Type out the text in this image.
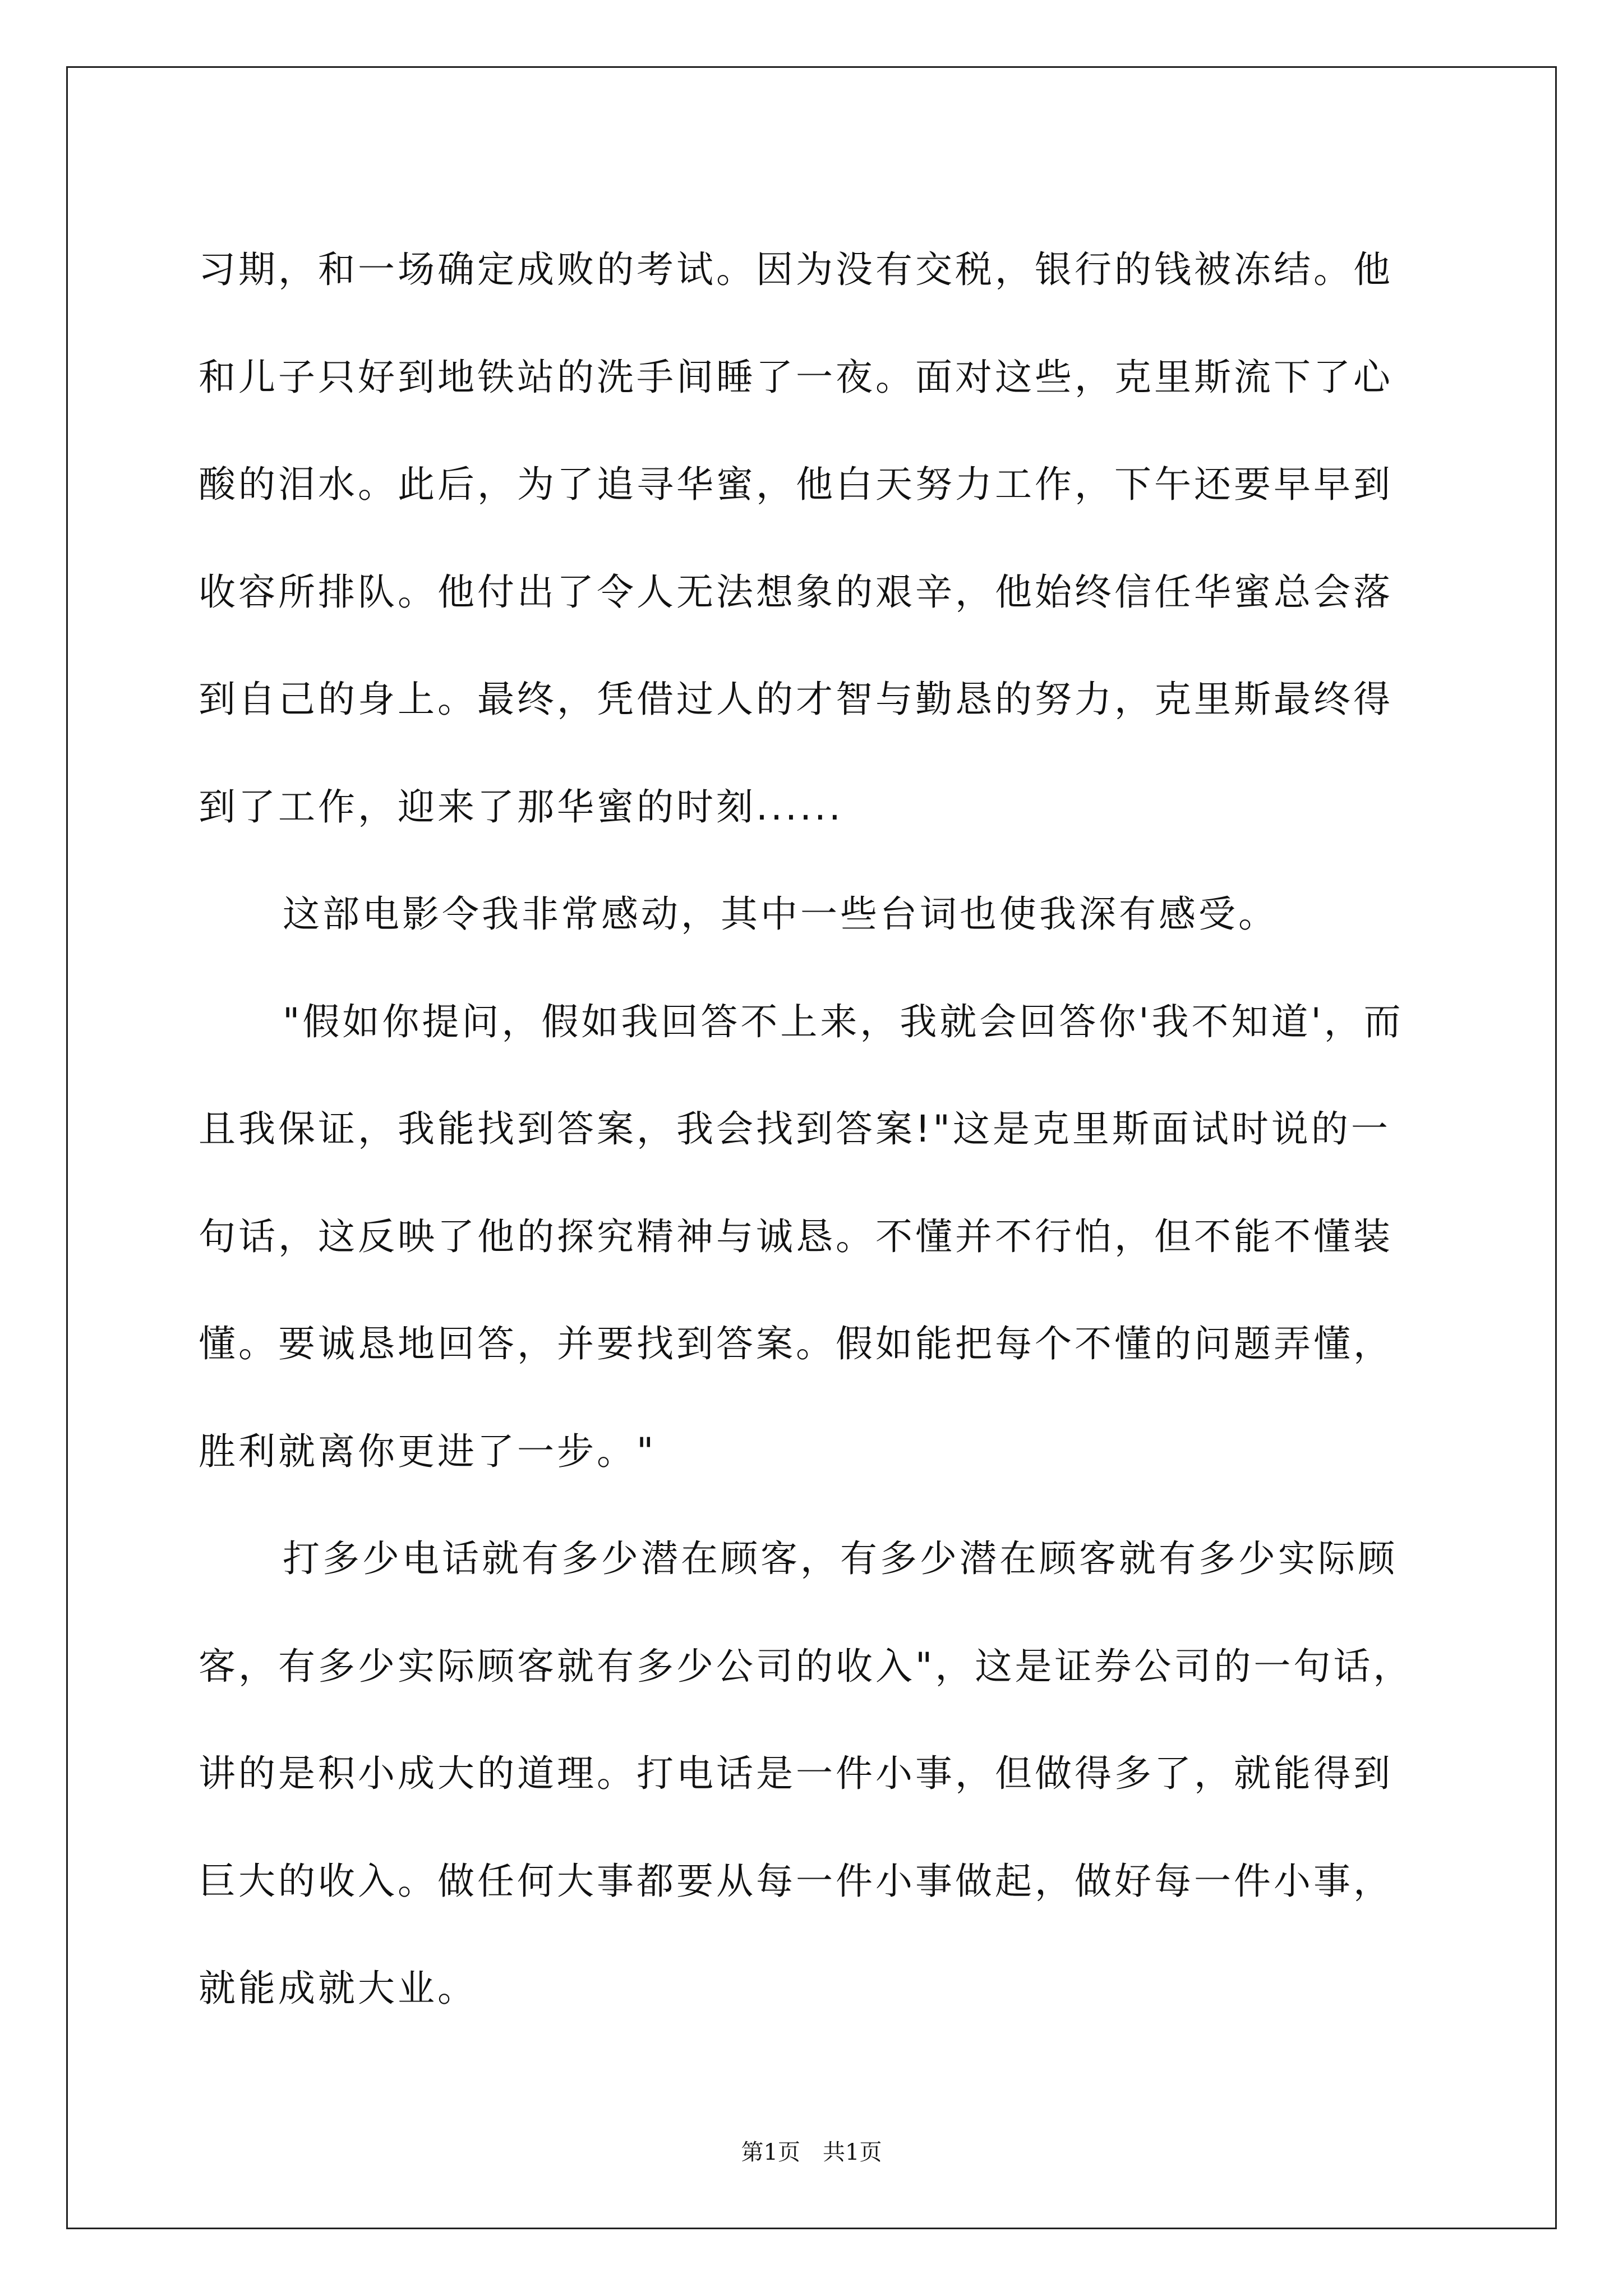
习期，和一场确定成败的考试。因为没有交税，银行的钱被冻结。他
和儿子只好到地铁站的洗手间睡了一夜。面对这些，克里斯流下了心
酸的泪水。此后，为了追寻华蜜，他白天努力工作，下午还要早早到
收容所排队。他付出了令人无法想象的艰辛，他始终信任华蜜总会落
到自己的身上。最终，凭借过人的才智与勤恳的努力，克里斯最终得
到了工作，迎来了那华蜜的时刻......
这部电影令我非常感动，其中一些台词也使我深有感受。
"假如你提问，假如我回答不上来，我就会回答你'我不知道'，而
且我保证，我能找到答案，我会找到答案!"这是克里斯面试时说的一
句话，这反映了他的探究精神与诚恳。不懂并不行怕，但不能不懂装
懂。要诚恳地回答，并要找到答案。假如能把每个不懂的问题弄懂，
胜利就离你更进了一步。"
打多少电话就有多少潜在顾客，有多少潜在顾客就有多少实际顾
客，有多少实际顾客就有多少公司的收入"，这是证券公司的一句话，
讲的是积小成大的道理。打电话是一件小事，但做得多了，就能得到
巨大的收入。做任何大事都要从每一件小事做起，做好每一件小事，
就能成就大业。
第1页 共1页
